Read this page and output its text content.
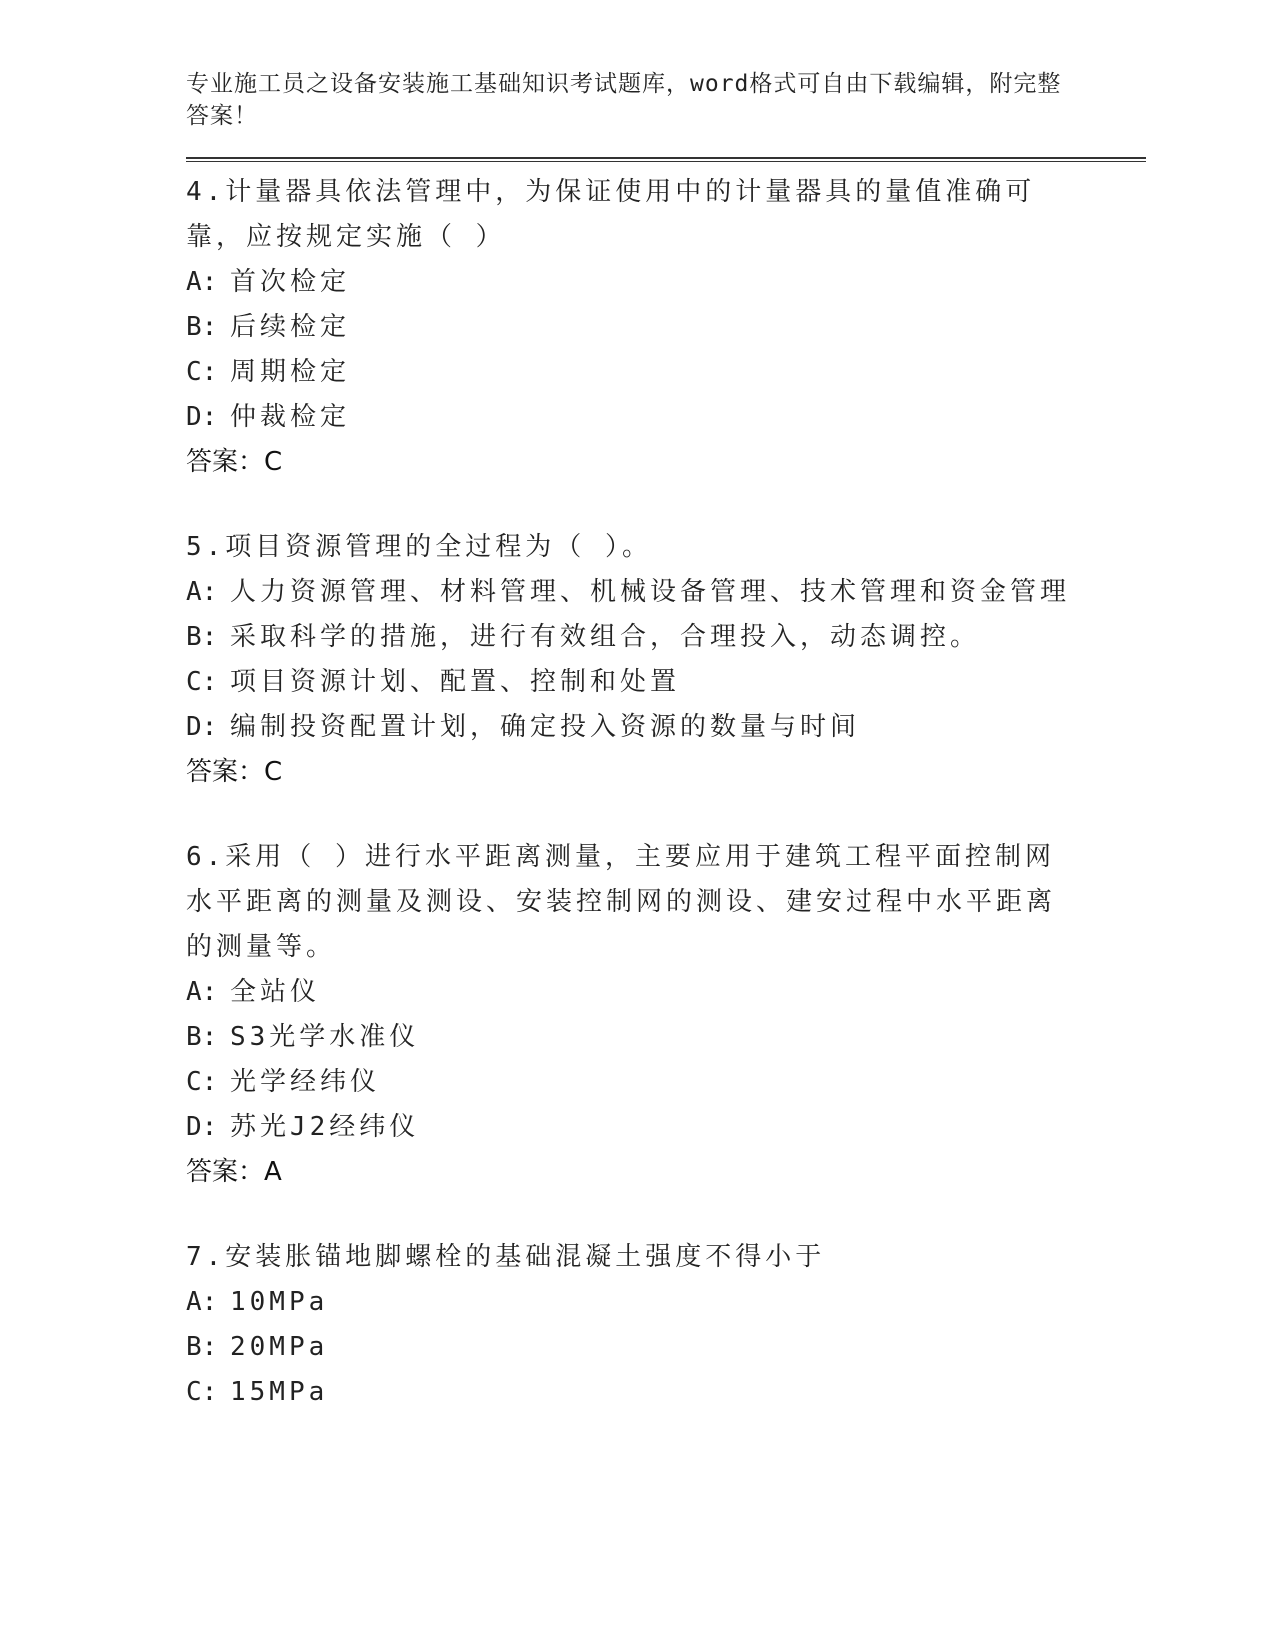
专业施工员之设备安装施工基础知识考试题库，word格式可自由下载编辑，附完整答案！

4.计量器具依法管理中，为保证使用中的计量器具的量值准确可靠，应按规定实施（ ）

A: 首次检定

B: 后续检定

C: 周期检定

D: 仲裁检定

答案：C

5.项目资源管理的全过程为（ ）。

A: 人力资源管理、材料管理、机械设备管理、技术管理和资金管理

B: 采取科学的措施，进行有效组合，合理投入，动态调控。

C: 项目资源计划、配置、控制和处置

D: 编制投资配置计划，确定投入资源的数量与时间

答案：C

6.采用（ ）进行水平距离测量，主要应用于建筑工程平面控制网水平距离的测量及测设、安装控制网的测设、建安过程中水平距离的测量等。

A: 全站仪

B: S3光学水准仪

C: 光学经纬仪

D: 苏光J2经纬仪

答案：A

7.安装胀锚地脚螺栓的基础混凝土强度不得小于

A: 10MPa

B: 20MPa

C: 15MPa
